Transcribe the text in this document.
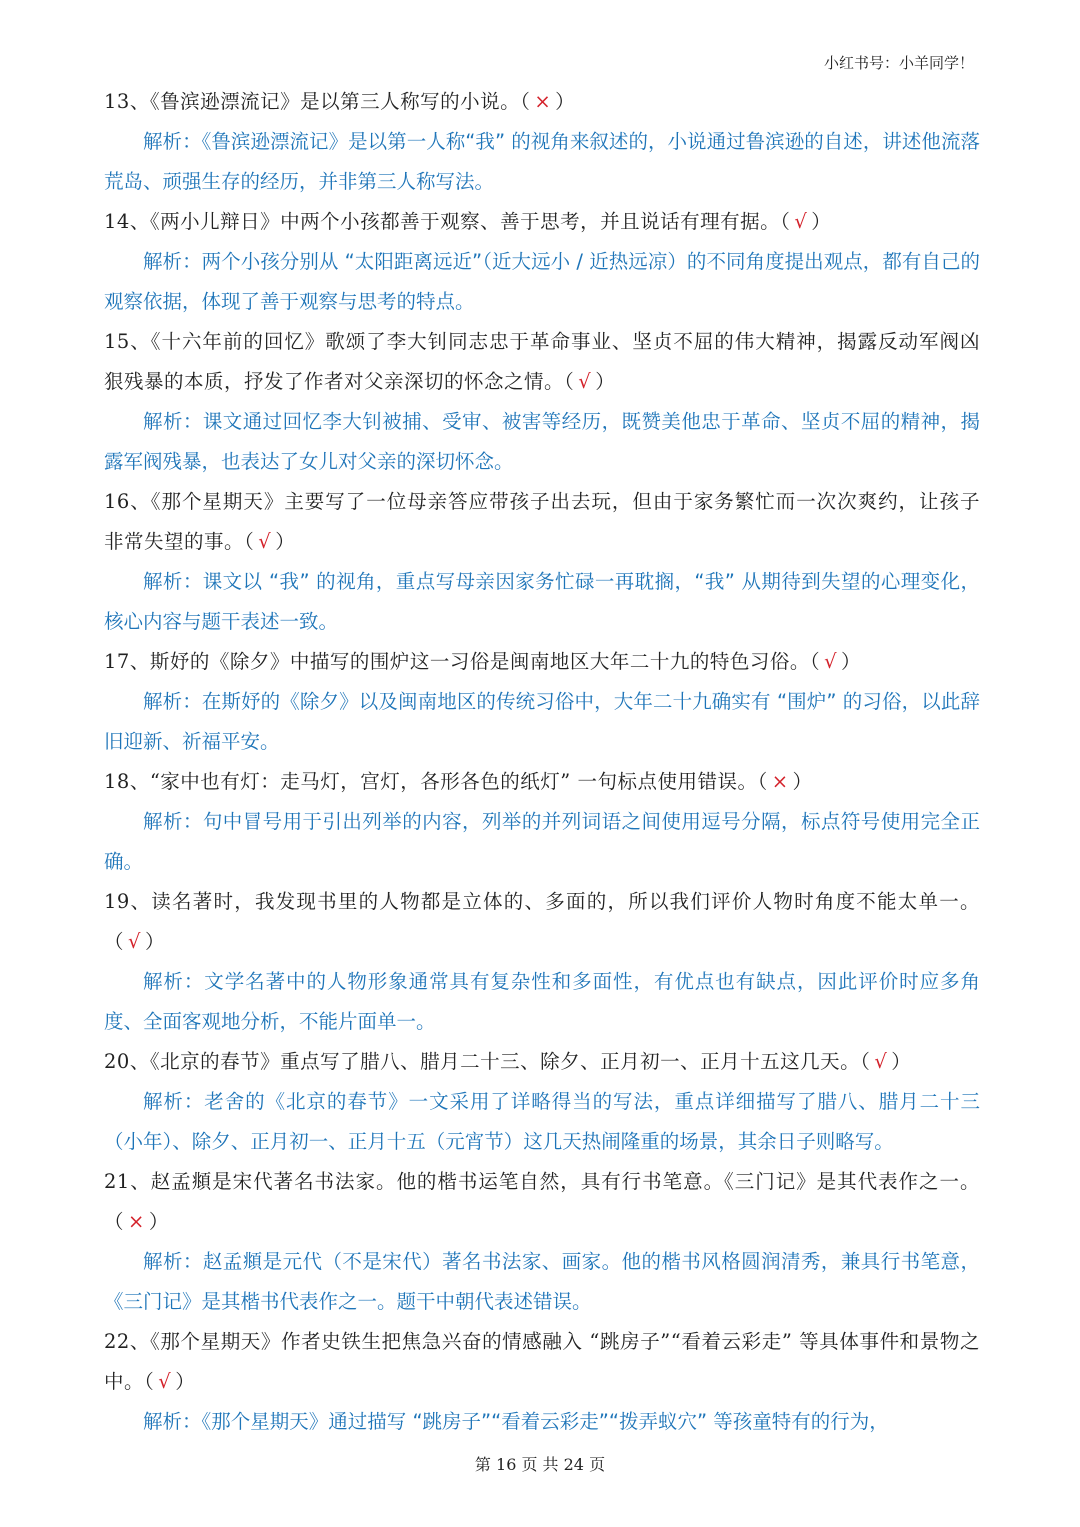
小红书号：小羊同学！

13、《鲁滨逊漂流记》是以第三人称写的小说。（ × ）

解析：《鲁滨逊漂流记》是以第一人称“我” 的视角来叙述的，小说通过鲁滨逊的自述，讲述他流落荒岛、顽强生存的经历，并非第三人称写法。

14、《两小儿辩日》中两个小孩都善于观察、善于思考，并且说话有理有据。（ √ ）

解析：两个小孩分别从 “太阳距离远近”（近大远小 / 近热远凉）的不同角度提出观点，都有自己的观察依据，体现了善于观察与思考的特点。

15、《十六年前的回忆》歌颂了李大钊同志忠于革命事业、坚贞不屈的伟大精神，揭露反动军阀凶狠残暴的本质，抒发了作者对父亲深切的怀念之情。（ √ ）

解析：课文通过回忆李大钊被捕、受审、被害等经历，既赞美他忠于革命、坚贞不屈的精神，揭露军阀残暴，也表达了女儿对父亲的深切怀念。

16、《那个星期天》主要写了一位母亲答应带孩子出去玩，但由于家务繁忙而一次次爽约，让孩子非常失望的事。（ √ ）

解析：课文以 “我” 的视角，重点写母亲因家务忙碌一再耽搁，“我” 从期待到失望的心理变化，核心内容与题干表述一致。

17、斯妤的《除夕》中描写的围炉这一习俗是闽南地区大年二十九的特色习俗。（ √ ）

解析：在斯妤的《除夕》以及闽南地区的传统习俗中，大年二十九确实有 “围炉” 的习俗，以此辞旧迎新、祈福平安。

18、“家中也有灯：走马灯，宫灯，各形各色的纸灯” 一句标点使用错误。（ × ）

解析：句中冒号用于引出列举的内容，列举的并列词语之间使用逗号分隔，标点符号使用完全正确。

19、读名著时，我发现书里的人物都是立体的、多面的，所以我们评价人物时角度不能太单一。（ √ ）

解析：文学名著中的人物形象通常具有复杂性和多面性，有优点也有缺点，因此评价时应多角度、全面客观地分析，不能片面单一。

20、《北京的春节》重点写了腊八、腊月二十三、除夕、正月初一、正月十五这几天。（ √ ）

解析：老舍的《北京的春节》一文采用了详略得当的写法，重点详细描写了腊八、腊月二十三（小年）、除夕、正月初一、正月十五（元宵节）这几天热闹隆重的场景，其余日子则略写。

21、赵孟頫是宋代著名书法家。他的楷书运笔自然，具有行书笔意。《三门记》是其代表作之一。（ × ）

解析：赵孟頫是元代（不是宋代）著名书法家、画家。他的楷书风格圆润清秀，兼具行书笔意，《三门记》是其楷书代表作之一。题干中朝代表述错误。

22、《那个星期天》作者史铁生把焦急兴奋的情感融入 “跳房子”“看着云彩走” 等具体事件和景物之中。（ √ ）

解析：《那个星期天》通过描写 “跳房子”“看着云彩走”“拨弄蚁穴” 等孩童特有的行为，

第 16 页 共 24 页
